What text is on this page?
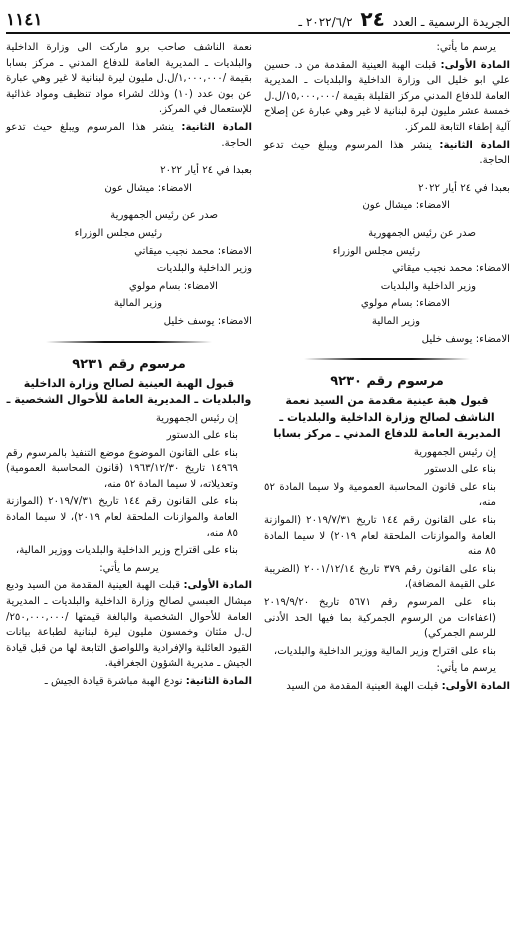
الجريدة الرسمية ـ العدد ٢٤ ٢٠٢٢/٦/٢ ـ
١١٤١

يرسم ما يأتي:

المادة الأولى: قبلت الهبة العينية المقدمة من د. حسين علي ابو خليل الى وزارة الداخلية والبلديات ـ المديرية العامة للدفاع المدني مركز القليلة بقيمة /١٥,٠٠٠,٠٠٠/ل.ل خمسة عشر مليون ليرة لبنانية لا غير وهي عبارة عن إصلاح آلية إطفاء التابعة للمركز.

المادة الثانية: ينشر هذا المرسوم ويبلغ حيث تدعو الحاجة.

بعبدا في ٢٤ أيار ٢٠٢٢

الامضاء: ميشال عون

صدر عن رئيس الجمهورية

رئيس مجلس الوزراء

الامضاء: محمد نجيب ميقاتي

وزير الداخلية والبلديات

الامضاء: بسام مولوي

وزير المالية

الامضاء: يوسف خليل

مرسوم رقم ٩٢٣٠

قبول هبة عينية مقدمة من السيد نعمة الناشف لصالح وزارة الداخلية والبلديات ـ المديرية العامة للدفاع المدني ـ مركز بسابا

إن رئيس الجمهورية

بناء على الدستور

بناء على قانون المحاسبة العمومية ولا سيما المادة ٥٢ منه،

بناء على القانون رقم ١٤٤ تاريخ ٢٠١٩/٧/٣١ (الموازنة العامة والموازنات الملحقة لعام ٢٠١٩) لا سيما المادة ٨٥ منه

بناء على القانون رقم ٣٧٩ تاريخ ٢٠٠١/١٢/١٤ (الضريبة على القيمة المضافة)،

بناء على المرسوم رقم ٥٦٧١ تاريخ ٢٠١٩/٩/٢٠ (اعفاءات من الرسوم الجمركية بما فيها الحد الأدنى للرسم الجمركي)

بناء على اقتراح وزير المالية ووزير الداخلية والبلديات،

يرسم ما يأتي:

المادة الأولى: قبلت الهبة العينية المقدمة من السيد

نعمة الناشف صاحب برو ماركت الى وزارة الداخلية والبلديات ـ المديرية العامة للدفاع المدني ـ مركز بسابا بقيمة /١,٠٠٠,٠٠٠/ل.ل مليون ليرة لبنانية لا غير وهي عبارة عن بون عدد (١٠) وذلك لشراء مواد تنظيف ومواد غذائية للإستعمال في المركز.

المادة الثانية: ينشر هذا المرسوم ويبلغ حيث تدعو الحاجة.

بعبدا في ٢٤ أيار ٢٠٢٢

الامضاء: ميشال عون

صدر عن رئيس الجمهورية

رئيس مجلس الوزراء

الامضاء: محمد نجيب ميقاتي

وزير الداخلية والبلديات

الامضاء: بسام مولوي

وزير المالية

الامضاء: يوسف خليل

مرسوم رقم ٩٢٣١

قبول الهبة العينية لصالح وزارة الداخلية والبلديات ـ المديرية العامة للأحوال الشخصية ـ

إن رئيس الجمهورية

بناء على الدستور

بناء على القانون الموضوع موضع التنفيذ بالمرسوم رقم ١٤٩٦٩ تاريخ ١٩٦٣/١٢/٣٠ (قانون المحاسبة العمومية) وتعديلاته، لا سيما المادة ٥٢ منه،

بناء على القانون رقم ١٤٤ تاريخ ٢٠١٩/٧/٣١ (الموازنة العامة والموازنات الملحقة لعام ٢٠١٩)، لا سيما المادة ٨٥ منه،

بناء على اقتراح وزير الداخلية والبلديات ووزير المالية،

يرسم ما يأتي:

المادة الأولى: قبلت الهبة العينية المقدمة من السيد وديع ميشال العبسي لصالح وزارة الداخلية والبلديات ـ المديرية العامة للأحوال الشخصية والبالغة قيمتها /٢٥٠,٠٠٠,٠٠٠/ل.ل مئتان وخمسون مليون ليرة لبنانية لطباعة بيانات القيود العائلية والإفرادية واللواصق التابعة لها من قبل قيادة الجيش ـ مديرية الشؤون الجغرافية.

المادة الثانية: نودع الهبة مباشرة قيادة الجيش ـ
